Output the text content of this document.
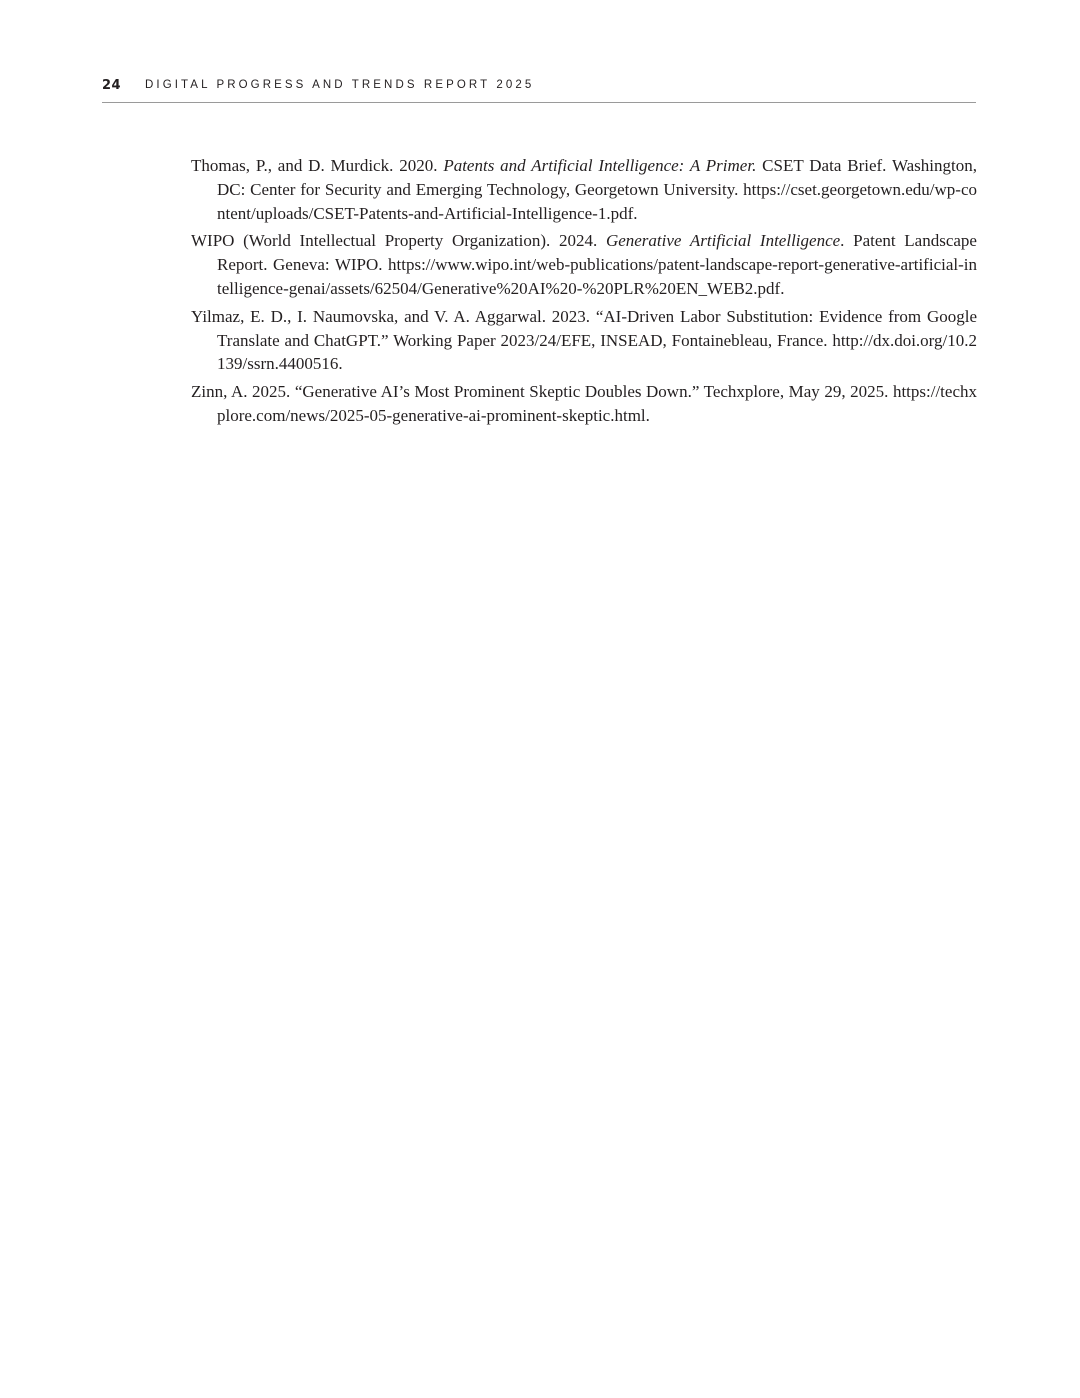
24 DIGITAL PROGRESS AND TRENDS REPORT 2025

Thomas, P., and D. Murdick. 2020. Patents and Artificial Intelligence: A Primer. CSET Data Brief. Washington, DC: Center for Security and Emerging Technology, Georgetown University. https://cset.georgetown.edu/wp-content/uploads/CSET-Patents-and-Artificial-Intelligence-1.pdf.

WIPO (World Intellectual Property Organization). 2024. Generative Artificial Intelligence. Patent Landscape Report. Geneva: WIPO. https://www.wipo.int/web-publications/patent-landscape-report-generative-artificial-intelligence-genai/assets/62504/Generative%20AI%20-%20PLR%20EN_WEB2.pdf.

Yilmaz, E. D., I. Naumovska, and V. A. Aggarwal. 2023. “AI-Driven Labor Substitution: Evidence from Google Translate and ChatGPT.” Working Paper 2023/24/EFE, INSEAD, Fontainebleau, France. http://dx.doi.org/10.2139/ssrn.4400516.

Zinn, A. 2025. “Generative AI’s Most Prominent Skeptic Doubles Down.” Techxplore, May 29, 2025. https://techxplore.com/news/2025-05-generative-ai-prominent-skeptic.html.
